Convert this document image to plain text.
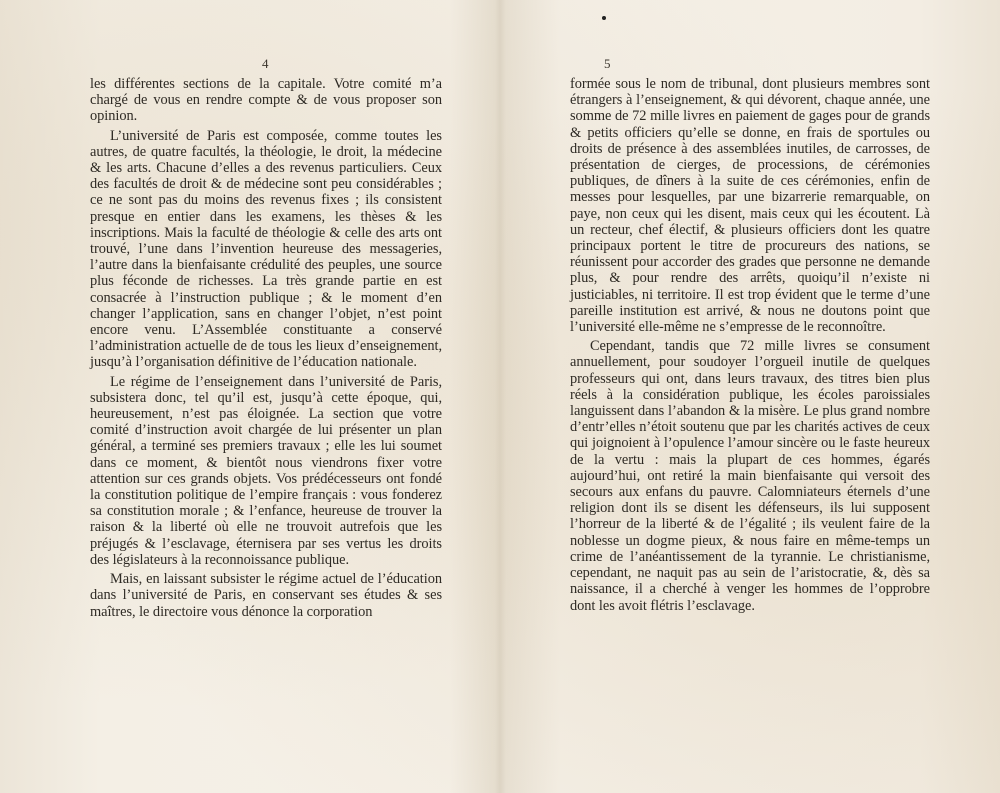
4

les différentes sections de la capitale. Votre comité m’a chargé de vous en rendre compte & de vous proposer son opinion.

L’université de Paris est composée, comme toutes les autres, de quatre facultés, la théologie, le droit, la médecine & les arts. Chacune d’elles a des revenus particuliers. Ceux des facultés de droit & de médecine sont peu considérables ; ce ne sont pas du moins des revenus fixes ; ils consistent presque en entier dans les examens, les thèses & les inscriptions. Mais la faculté de théologie & celle des arts ont trouvé, l’une dans l’invention heureuse des messageries, l’autre dans la bienfaisante crédulité des peuples, une source plus féconde de richesses. La très grande partie en est consacrée à l’instruction publique ; & le moment d’en changer l’application, sans en changer l’objet, n’est point encore venu. L’Assemblée constituante a conservé l’administration actuelle de de tous les lieux d’enseignement, jusqu’à l’organisation définitive de l’éducation nationale.

Le régime de l’enseignement dans l’université de Paris, subsistera donc, tel qu’il est, jusqu’à cette époque, qui, heureusement, n’est pas éloignée. La section que votre comité d’instruction avoit chargée de lui présenter un plan général, a terminé ses premiers travaux ; elle les lui soumet dans ce moment, & bientôt nous viendrons fixer votre attention sur ces grands objets. Vos prédécesseurs ont fondé la constitution politique de l’empire français : vous fonderez sa constitution morale ; & l’enfance, heureuse de trouver la raison & la liberté où elle ne trouvoit autrefois que les préjugés & l’esclavage, éternisera par ses vertus les droits des législateurs à la reconnoissance publique.

Mais, en laissant subsister le régime actuel de l’éducation dans l’université de Paris, en conservant ses études & ses maîtres, le directoire vous dénonce la corporation

5

formée sous le nom de tribunal, dont plusieurs membres sont étrangers à l’enseignement, & qui dévorent, chaque année, une somme de 72 mille livres en paiement de gages pour de grands & petits officiers qu’elle se donne, en frais de sportules ou droits de présence à des assemblées inutiles, de carrosses, de présentation de cierges, de processions, de cérémonies publiques, de dîners à la suite de ces cérémonies, enfin de messes pour lesquelles, par une bizarrerie remarquable, on paye, non ceux qui les disent, mais ceux qui les écoutent. Là un recteur, chef électif, & plusieurs officiers dont les quatre principaux portent le titre de procureurs des nations, se réunissent pour accorder des grades que personne ne demande plus, & pour rendre des arrêts, quoiqu’il n’existe ni justiciables, ni territoire. Il est trop évident que le terme d’une pareille institution est arrivé, & nous ne doutons point que l’université elle-même ne s’empresse de le reconnoître.

Cependant, tandis que 72 mille livres se consument annuellement, pour soudoyer l’orgueil inutile de quelques professeurs qui ont, dans leurs travaux, des titres bien plus réels à la considération publique, les écoles paroissiales languissent dans l’abandon & la misère. Le plus grand nombre d’entr’elles n’étoit soutenu que par les charités actives de ceux qui joignoient à l’opulence l’amour sincère ou le faste heureux de la vertu : mais la plupart de ces hommes, égarés aujourd’hui, ont retiré la main bienfaisante qui versoit des secours aux enfans du pauvre. Calomniateurs éternels d’une religion dont ils se disent les défenseurs, ils lui supposent l’horreur de la liberté & de l’égalité ; ils veulent faire de la noblesse un dogme pieux, & nous faire en même-temps un crime de l’anéantissement de la tyrannie. Le christianisme, cependant, ne naquit pas au sein de l’aristocratie, &, dès sa naissance, il a cherché à venger les hommes de l’opprobre dont les avoit flétris l’esclavage.
